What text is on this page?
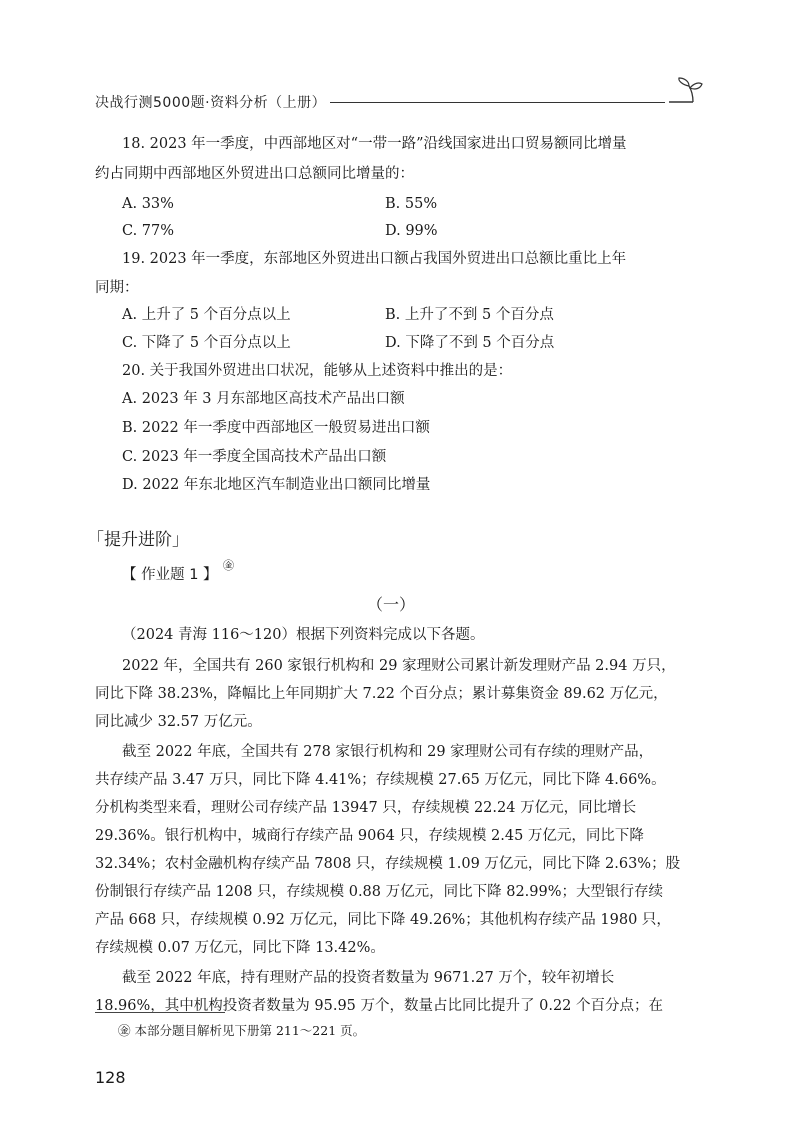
决战行测5000题·资料分析（上册）
18. 2023 年一季度，中西部地区对“一带一路”沿线国家进出口贸易额同比增量
约占同期中西部地区外贸进出口总额同比增量的：
A. 33%	B. 55%
C. 77%	D. 99%
19. 2023 年一季度，东部地区外贸进出口额占我国外贸进出口总额比重比上年
同期：
A. 上升了 5 个百分点以上	B. 上升了不到 5 个百分点
C. 下降了 5 个百分点以上	D. 下降了不到 5 个百分点
20. 关于我国外贸进出口状况，能够从上述资料中推出的是：
A. 2023 年 3 月东部地区高技术产品出口额
B. 2022 年一季度中西部地区一般贸易进出口额
C. 2023 年一季度全国高技术产品出口额
D. 2022 年东北地区汽车制造业出口额同比增量
「提升进阶」
【 作业题 1 】
㊎
（一）
（2024 青海 116～120）根据下列资料完成以下各题。
2022 年，全国共有 260 家银行机构和 29 家理财公司累计新发理财产品 2.94 万只，
同比下降 38.23%，降幅比上年同期扩大 7.22 个百分点；累计募集资金 89.62 万亿元，
同比减少 32.57 万亿元。
截至 2022 年底，全国共有 278 家银行机构和 29 家理财公司有存续的理财产品，
共存续产品 3.47 万只，同比下降 4.41%；存续规模 27.65 万亿元，同比下降 4.66%。
分机构类型来看，理财公司存续产品 13947 只，存续规模 22.24 万亿元，同比增长
29.36%。银行机构中，城商行存续产品 9064 只，存续规模 2.45 万亿元，同比下降
32.34%；农村金融机构存续产品 7808 只，存续规模 1.09 万亿元，同比下降 2.63%；股
份制银行存续产品 1208 只，存续规模 0.88 万亿元，同比下降 82.99%；大型银行存续
产品 668 只，存续规模 0.92 万亿元，同比下降 49.26%；其他机构存续产品 1980 只，
存续规模 0.07 万亿元，同比下降 13.42%。
截至 2022 年底，持有理财产品的投资者数量为 9671.27 万个，较年初增长
18.96%，其中机构投资者数量为 95.95 万个，数量占比同比提升了 0.22 个百分点；在
㊎ 本部分题目解析见下册第 211～221 页。
128
